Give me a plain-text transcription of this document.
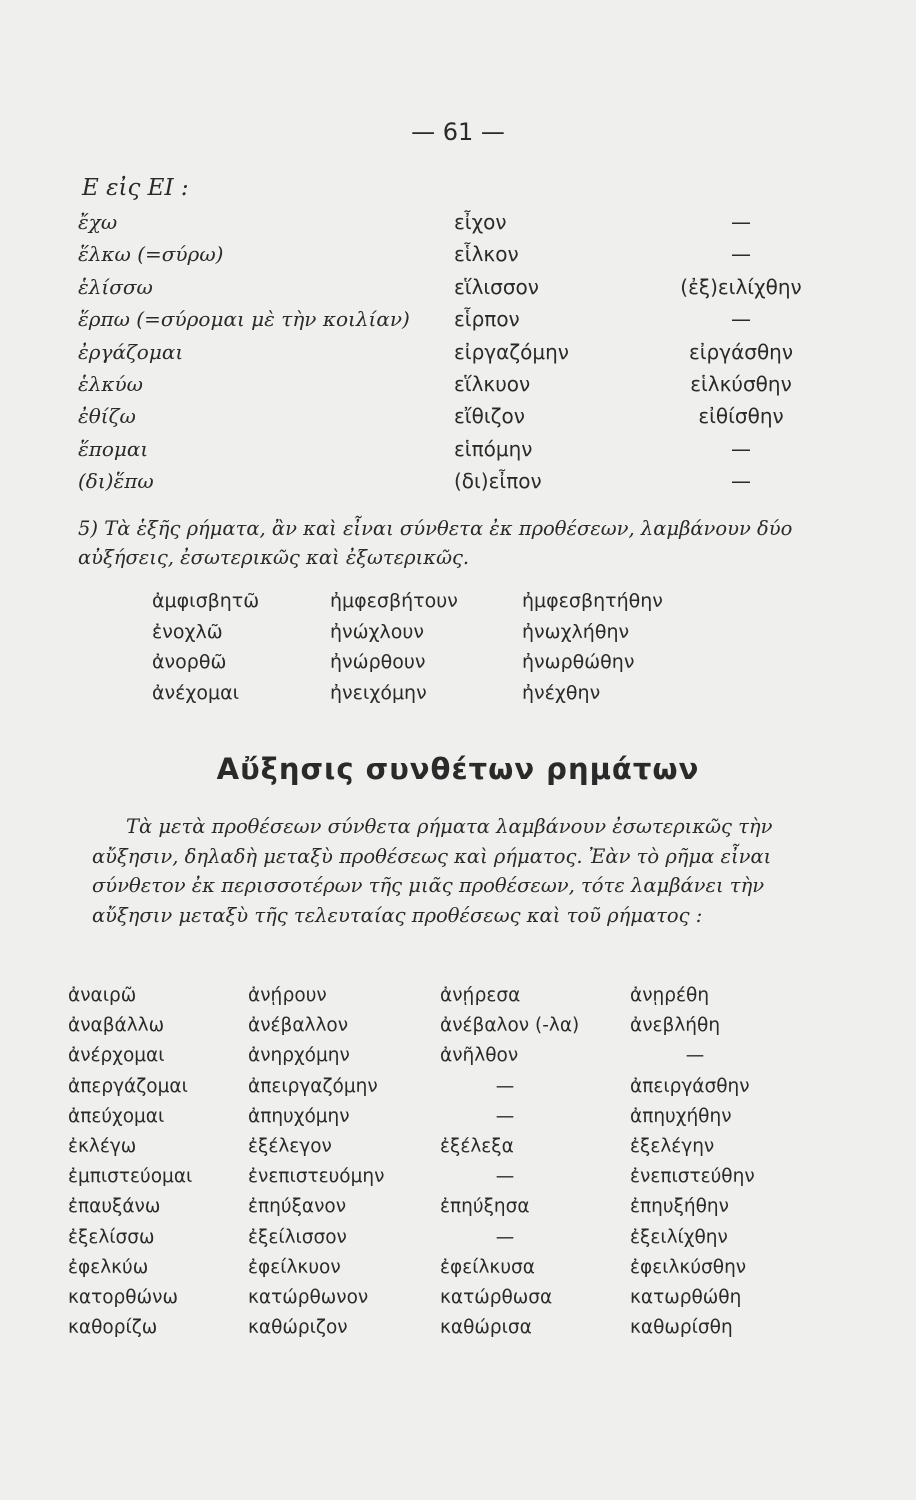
— 61 —
Ε εἰς ΕΙ :
ἔχω	εἶχον	—
ἕλκω (=σύρω)	εἷλκον	—
ἑλίσσω	εἵλισσον	(ἐξ)ειλίχθην
ἕρπω (=σύρομαι μὲ τὴν κοιλίαν) εἷρπον	—
ἐργάζομαι	εἰργαζόμην	εἰργάσθην
ἑλκύω	εἵλκυον	εἱλκύσθην
ἐθίζω	εἴθιζον	εἰθίσθην
ἕπομαι	εἱπόμην	—
(δι)ἕπω	(δι)εἶπον	—
5) Τὰ ἑξῆς ρήματα, ἂν καὶ εἶναι σύνθετα ἐκ προθέσεων, λαμβάνουν δύο αὐξήσεις, ἐσωτερικῶς καὶ ἐξωτερικῶς.
ἀμφισβητῶ	ἠμφεσβήτουν	ἠμφεσβητήθην
ἐνοχλῶ	ἠνώχλουν	ἠνωχλήθην
ἀνορθῶ	ἠνώρθουν	ἠνωρθώθην
ἀνέχομαι	ἠνειχόμην	ἠνέχθην
Αὔξησις συνθέτων ρημάτων
Τὰ μετὰ προθέσεων σύνθετα ρήματα λαμβάνουν ἐσωτερικῶς τὴν αὔξησιν, δηλαδὴ μεταξὺ προθέσεως καὶ ρήματος. Ἐὰν τὸ ρῆμα εἶναι σύνθετον ἐκ περισσοτέρων τῆς μιᾶς προθέσεων, τότε λαμβάνει τὴν αὔξησιν μεταξὺ τῆς τελευταίας προθέσεως καὶ τοῦ ρήματος :
ἀναιρῶ	ἀνῄρουν	ἀνῄρεσα	ἀνῃρέθη
ἀναβάλλω	ἀνέβαλλον	ἀνέβαλον (-λα)	ἀνεβλήθη
ἀνέρχομαι	ἀνηρχόμην	ἀνῆλθον	—
ἀπεργάζομαι	ἀπειργαζόμην	—	ἀπειργάσθην
ἀπεύχομαι	ἀπηυχόμην	—	ἀπηυχήθην
ἐκλέγω	ἐξέλεγον	ἐξέλεξα	ἐξελέγην
ἐμπιστεύομαι	ἐνεπιστευόμην	—	ἐνεπιστεύθην
ἐπαυξάνω	ἐπηύξανον	ἐπηύξησα	ἐπηυξήθην
ἐξελίσσω	ἐξείλισσον	—	ἐξειλίχθην
ἐφελκύω	ἐφείλκυον	ἐφείλκυσα	ἐφειλκύσθην
κατορθώνω	κατώρθωνον	κατώρθωσα	κατωρθώθη
καθορίζω	καθώριζον	καθώρισα	καθωρίσθη
